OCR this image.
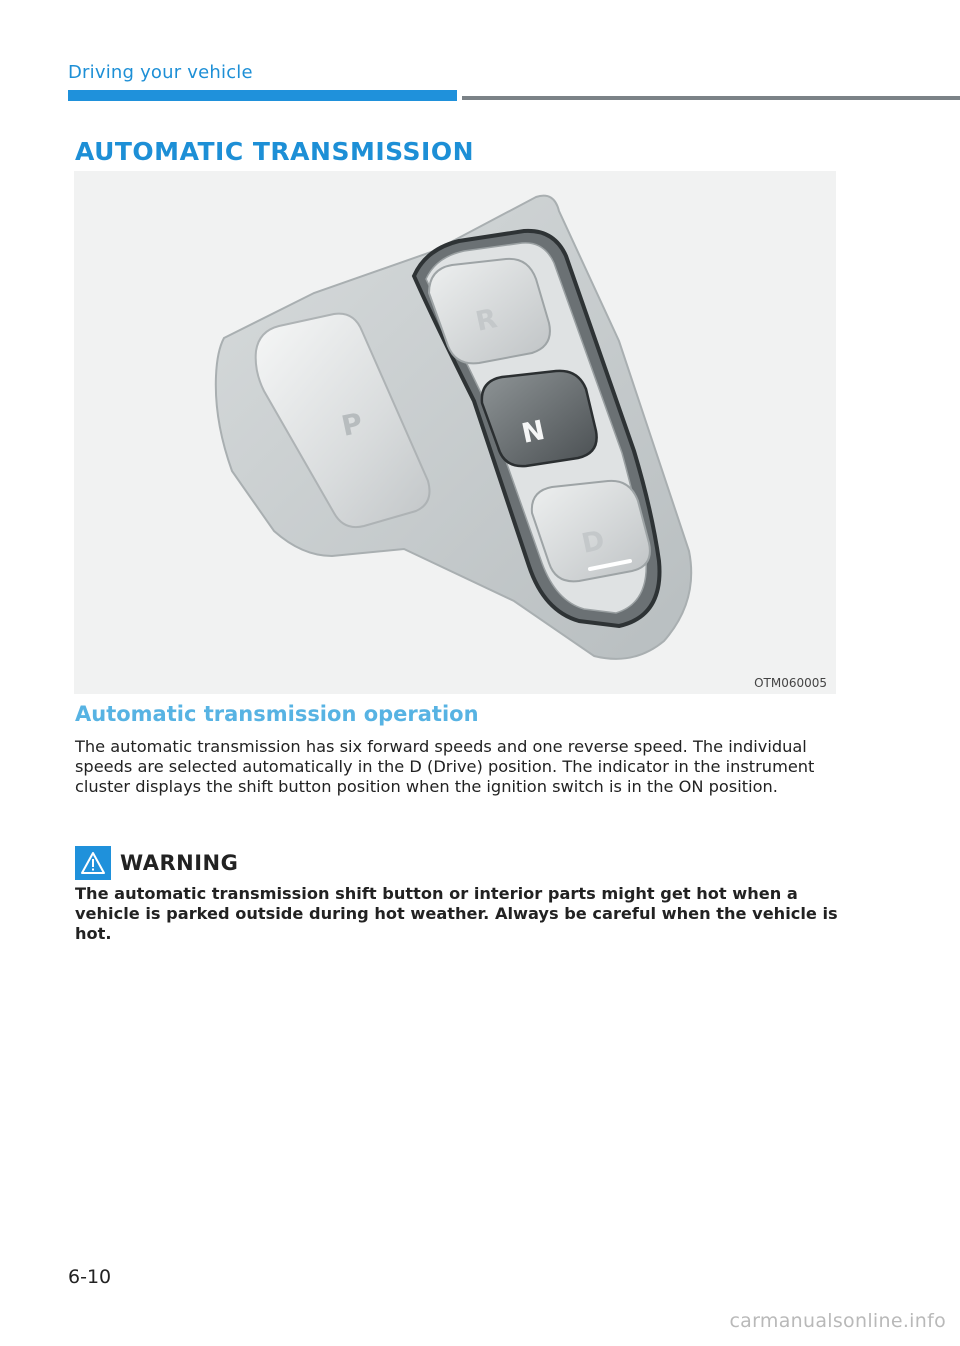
Driving your vehicle
AUTOMATIC TRANSMISSION
P
R
N
D
OTM060005
Automatic transmission operation

The automatic transmission has six forward speeds and one reverse speed. The individual speeds are selected automatically in the D (Drive) position. The indicator in the instrument cluster displays the shift button position when the ignition switch is in the ON position.

WARNING

The automatic transmission shift button or interior parts might get hot when a vehicle is parked outside during hot weather. Always be careful when the vehicle is hot.

6-10
carmanualsonline.info
